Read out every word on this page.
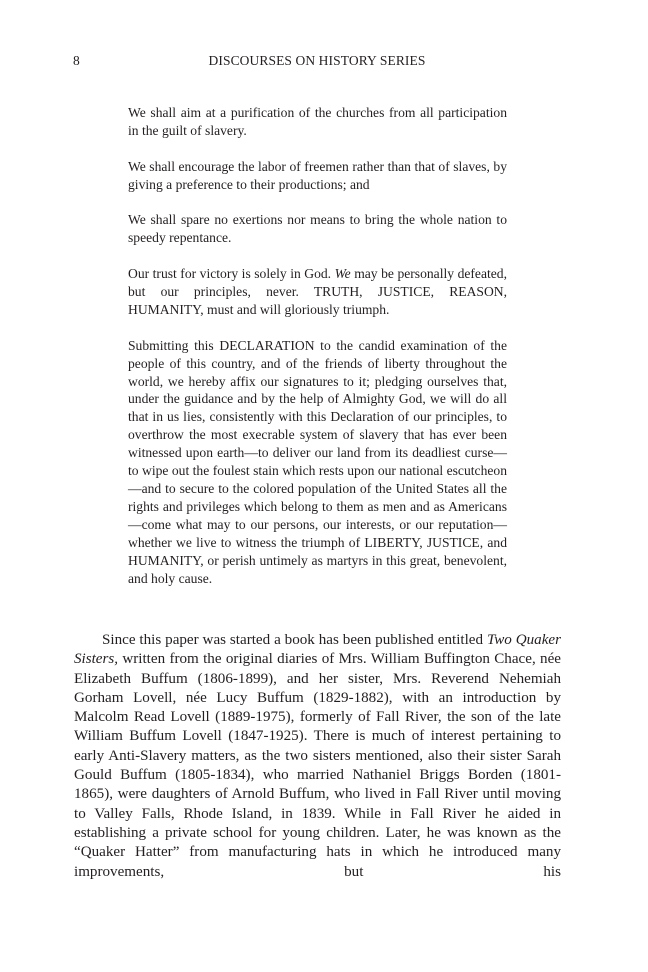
8	DISCOURSES ON HISTORY SERIES

We shall aim at a purification of the churches from all participation in the guilt of slavery.

We shall encourage the labor of freemen rather than that of slaves, by giving a preference to their productions; and

We shall spare no exertions nor means to bring the whole nation to speedy repentance.

Our trust for victory is solely in God. We may be personally defeated, but our principles, never. TRUTH, JUSTICE, REASON, HUMANITY, must and will gloriously triumph.

Submitting this DECLARATION to the candid examination of the people of this country, and of the friends of liberty throughout the world, we hereby affix our signatures to it; pledging ourselves that, under the guidance and by the help of Almighty God, we will do all that in us lies, consistently with this Declaration of our principles, to overthrow the most execrable system of slavery that has ever been witnessed upon earth—to deliver our land from its deadliest curse—to wipe out the foulest stain which rests upon our national escutcheon—and to secure to the colored population of the United States all the rights and privileges which belong to them as men and as Americans—come what may to our persons, our interests, or our reputation—whether we live to witness the triumph of LIBERTY, JUSTICE, and HUMANITY, or perish untimely as martyrs in this great, benevolent, and holy cause.

Since this paper was started a book has been published entitled Two Quaker Sisters, written from the original diaries of Mrs. William Buffington Chace, née Elizabeth Buffum (1806-1899), and her sister, Mrs. Reverend Nehemiah Gorham Lovell, née Lucy Buffum (1829-1882), with an introduction by Malcolm Read Lovell (1889-1975), formerly of Fall River, the son of the late William Buffum Lovell (1847-1925). There is much of interest pertaining to early Anti-Slavery matters, as the two sisters mentioned, also their sister Sarah Gould Buffum (1805-1834), who married Nathaniel Briggs Borden (1801-1865), were daughters of Arnold Buffum, who lived in Fall River until moving to Valley Falls, Rhode Island, in 1839. While in Fall River he aided in establishing a private school for young children. Later, he was known as the “Quaker Hatter” from manufacturing hats in which he introduced many improvements, but his
